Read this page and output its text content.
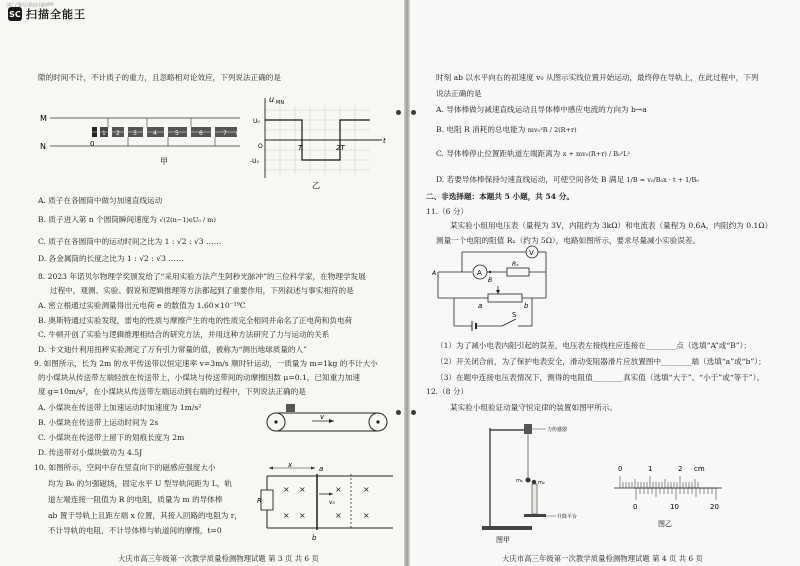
SC 扫描全能王
3亿人都在用的扫描App
隙的时间不计，不计质子的重力，且忽略相对论效应，下列说法正确的是
M
N	0
1 2 3	4	5	6	7 8
甲
u MN
U₀
-U₀
O	T	2T
t
乙
A. 质子在各圆筒中做匀加速直线运动
B. 质子进入第 n 个圆筒瞬间速度为 √(2(n−1)eU₀ / m)
C. 质子在各圆筒中的运动时间之比为 1 : √2 : √3 ……
D. 各金属筒的长度之比为 1 : √2 : √3 ……
8. 2023 年诺贝尔物理学奖颁发给了“采用实验方法产生阿秒光脉冲”的三位科学家，在物理学发展
过程中，观测、实验、假说和逻辑推理等方法都起到了重要作用，下列叙述与事实相符的是
A. 密立根通过实验测量得出元电荷 e 的数值为 1.60×10⁻¹⁹C
B. 奥斯特通过实验发现，雷电的性质与摩擦产生的电的性质完全相同并命名了正电荷和负电荷
C. 牛顿开创了实验与逻辑推理相结合的研究方法，并用这种方法研究了力与运动的关系
D. 卡文迪什利用扭秤实验测定了万有引力常量的值，被称为“测出地球质量的人”
9. 如图所示，长为 2m 的水平传送带以恒定速率 v=3m/s 顺时针运动，一质量为 m=1kg 的不计大小
的小煤块从传送带左端轻放在传送带上，小煤块与传送带间的动摩擦因数 μ=0.1，已知重力加速
度 g=10m/s²，在小煤块从传送带左端运动到右端的过程中，下列说法正确的是
A. 小煤块在传送带上加速运动时加速度为 1m/s²
B. 小煤块在传送带上运动时间为 2s
C. 小煤块在传送带上留下的划痕长度为 2m
D. 传送带对小煤块做功为 4.5J
v
10. 如图所示，空间中存在竖直向下的磁感应强度大小
均为 B₀ 的匀强磁场，固定水平 U 型导轨间距为 L，轨
道左端连接一阻值为 R 的电阻，质量为 m 的导体棒
ab 置于导轨上且距左端 x 位置，其接入回路的电阻为 r，
不计导轨的电阻，不计导体棒与轨道间的摩擦，t=0
R
x	a
b
v₀
× ×	×	×
× ×	×	×
大庆市高三年级第一次教学质量检测物理试题 第 3 页 共 6 页
时刻 ab 以水平向右的初速度 v₀ 从图示实线位置开始运动，最终停在导轨上，在此过程中，下列
说法正确的是
A. 导体棒做匀减速直线运动且导体棒中感应电流的方向为 b→a
B. 电阻 R 消耗的总电能为 mv₀²R / 2(R+r)
C. 导体棒停止位置距轨道左端距离为 x + mv₀(R+r) / B₀²L²
D. 若要导体棒保持匀速直线运动，可使空间各处 B 满足 1/B = v₀/B₀x · t + 1/B₀
二、非选择题：本题共 5 小题，共 54 分。
11.（6 分）
某实验小组用电压表（量程为 3V，内阻约为 3kΩ）和电流表（量程为 0.6A，内阻约为 0.1Ω）
测量一个电阻的阻值 Rₓ（约为 5Ω），电路如图所示，要求尽量减小实验误差。
V
A
Rₓ
A
B
a	b
S
（1）为了减小电表内阻引起的误差，电压表左接线柱应连接在________点（选填“A”或“B”）；
（2）开关闭合前，为了保护电表安全，滑动变阻器滑片应放置图中________端（选填“a”或“b”）；
（3）在题中连接电压表情况下，测得的电阻值________真实值（选填“大于”、“小于”或“等于”）。
12.（8 分）
某实验小组验证动量守恒定律的装置如图甲所示。
力传感器
m₁	m₂
升降平台
图甲
0	1	2 cm
0	10	20
图乙
大庆市高三年级第一次教学质量检测物理试题 第 4 页 共 6 页
